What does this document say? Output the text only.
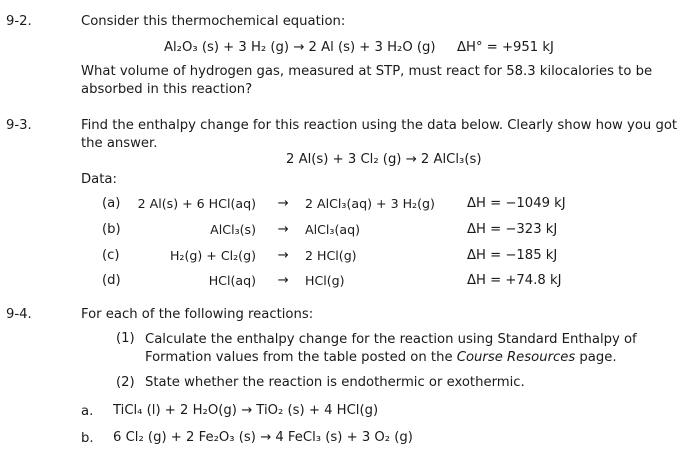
9-2.	Consider this thermochemical equation:
Al₂O₃ (s) + 3 H₂ (g) → 2 Al (s) + 3 H₂O (g) ΔH° = +951 kJ
What volume of hydrogen gas, measured at STP, must react for 58.3 kilocalories to be absorbed in this reaction?
9-3.	Find the enthalpy change for this reaction using the data below. Clearly show how you got the answer.
2 Al(s) + 3 Cl₂ (g) → 2 AlCl₃(s)
Data:
(a)	2 Al(s) + 6 HCl(aq) → 2 AlCl₃(aq) + 3 H₂(g) ΔH = −1049 kJ
(b)	AlCl₃(s) → AlCl₃(aq)	ΔH = −323 kJ
(c)	H₂(g) + Cl₂(g) → 2 HCl(g)	ΔH = −185 kJ
(d)	HCl(aq) → HCl(g)	ΔH = +74.8 kJ
9-4.	For each of the following reactions:
(1) Calculate the enthalpy change for the reaction using Standard Enthalpy of Formation values from the table posted on the Course Resources page.
(2) State whether the reaction is endothermic or exothermic.
a. TiCl₄ (l) + 2 H₂O(g) → TiO₂ (s) + 4 HCl(g)
b. 6 Cl₂ (g) + 2 Fe₂O₃ (s) → 4 FeCl₃ (s) + 3 O₂ (g)
